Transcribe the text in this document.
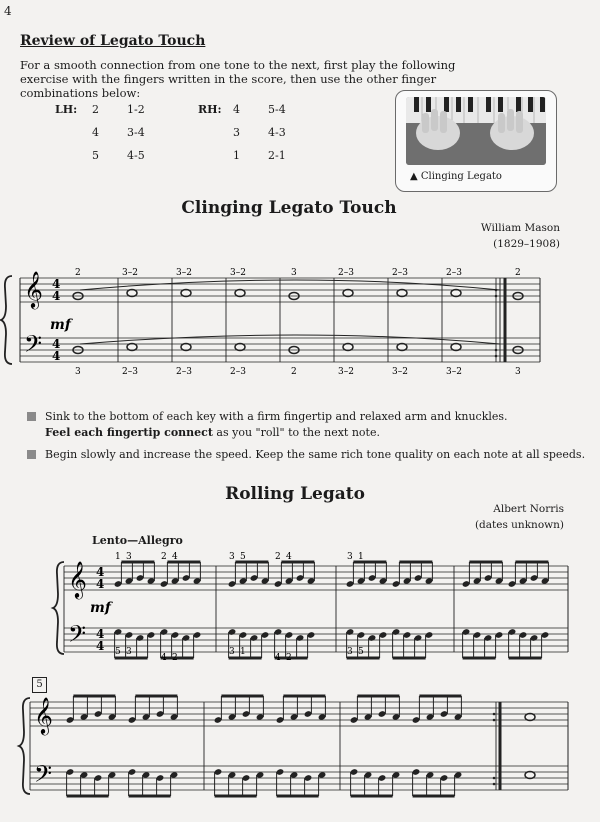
4
Review of Legato Touch
For a smooth connection from one tone to the next, first play the following exercise with the fingers written in the score, then use the other finger combinations below:
LH: 2	1-2
4	3-4
5	4-5
RH: 4	5-4
3	4-3
1	2-1
▲ Clinging Legato
Clinging Legato Touch
William Mason
(1829–1908)
𝄞
𝄢
4
4
4
4
mf
2
3
3–2
2–3
3–2
2–3
3–2
2–3
3
2
2–3
3–2
2–3
3–2
2–3
3–2
2
3
Sink to the bottom of each key with a firm fingertip and relaxed arm and knuckles.
Feel each fingertip connect as you "roll" to the next note.
Begin slowly and increase the speed. Keep the same rich tone quality on each note at all speeds.
Rolling Legato
Albert Norris
(dates unknown)
Lento—Allegro
𝄞
𝄢
4
4
4
4
mf
1 3	2 4	3 5	2 4	3 1
5 3
4 2
3 1
4 2
3 5
5
𝄞
𝄢
